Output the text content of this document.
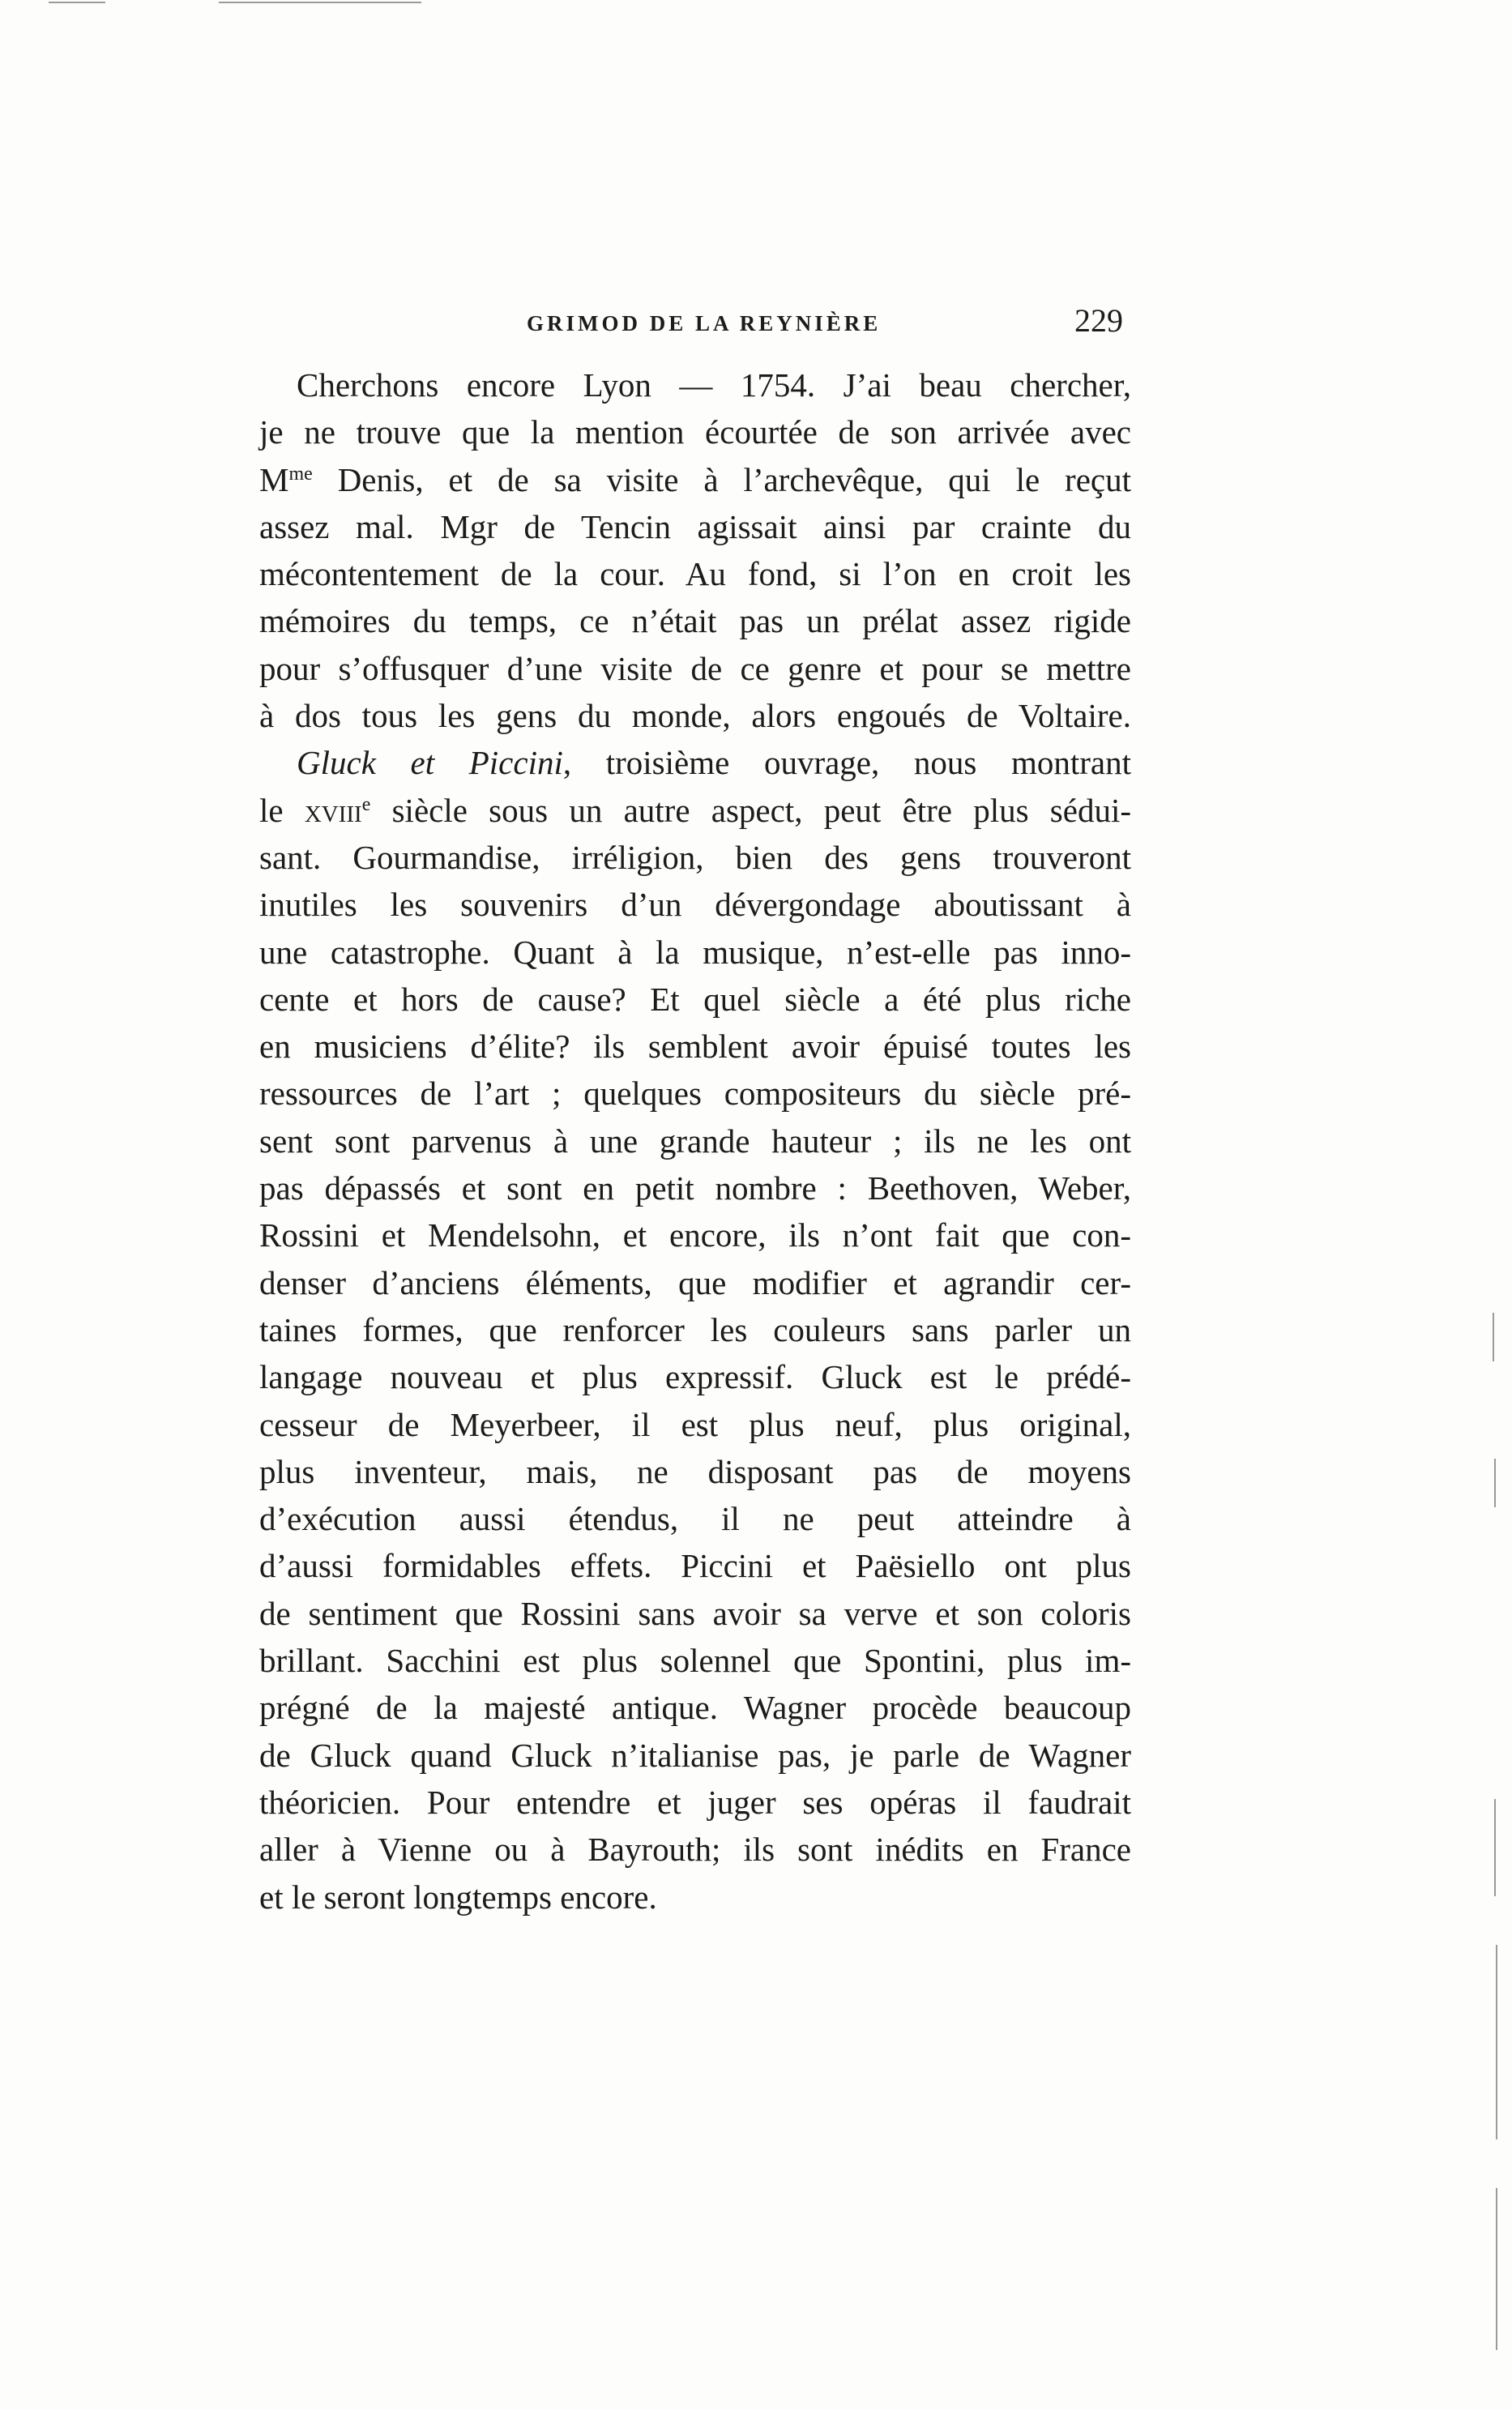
GRIMOD DE LA REYNIÈRE	229
Cherchons encore Lyon — 1754. J’ai beau chercher,
je ne trouve que la mention écourtée de son arrivée avec
$M^{me}$ Denis, et de sa visite à l’archevêque, qui le reçut
assez mal. Mgr de Tencin agissait ainsi par crainte du
mécontentement de la cour. Au fond, si l’on en croit les
mémoires du temps, ce n’était pas un prélat assez rigide
pour s’offusquer d’une visite de ce genre et pour se mettre
à dos tous les gens du monde, alors engoués de Voltaire.
Gluck et Piccini, troisième ouvrage, nous montrant
le xviii$^e$ siècle sous un autre aspect, peut être plus sédui-
sant. Gourmandise, irréligion, bien des gens trouveront
inutiles les souvenirs d’un dévergondage aboutissant à
une catastrophe. Quant à la musique, n’est-elle pas inno-
cente et hors de cause? Et quel siècle a été plus riche
en musiciens d’élite? ils semblent avoir épuisé toutes les
ressources de l’art ; quelques compositeurs du siècle pré-
sent sont parvenus à une grande hauteur ; ils ne les ont
pas dépassés et sont en petit nombre : Beethoven, Weber,
Rossini et Mendelsohn, et encore, ils n’ont fait que con-
denser d’anciens éléments, que modifier et agrandir cer-
taines formes, que renforcer les couleurs sans parler un
langage nouveau et plus expressif. Gluck est le prédé-
cesseur de Meyerbeer, il est plus neuf, plus original,
plus inventeur, mais, ne disposant pas de moyens
d’exécution aussi étendus, il ne peut atteindre à
d’aussi formidables effets. Piccini et Paësiello ont plus
de sentiment que Rossini sans avoir sa verve et son coloris
brillant. Sacchini est plus solennel que Spontini, plus im-
prégné de la majesté antique. Wagner procède beaucoup
de Gluck quand Gluck n’italianise pas, je parle de Wagner
théoricien. Pour entendre et juger ses opéras il faudrait
aller à Vienne ou à Bayrouth; ils sont inédits en France
et le seront longtemps encore.
